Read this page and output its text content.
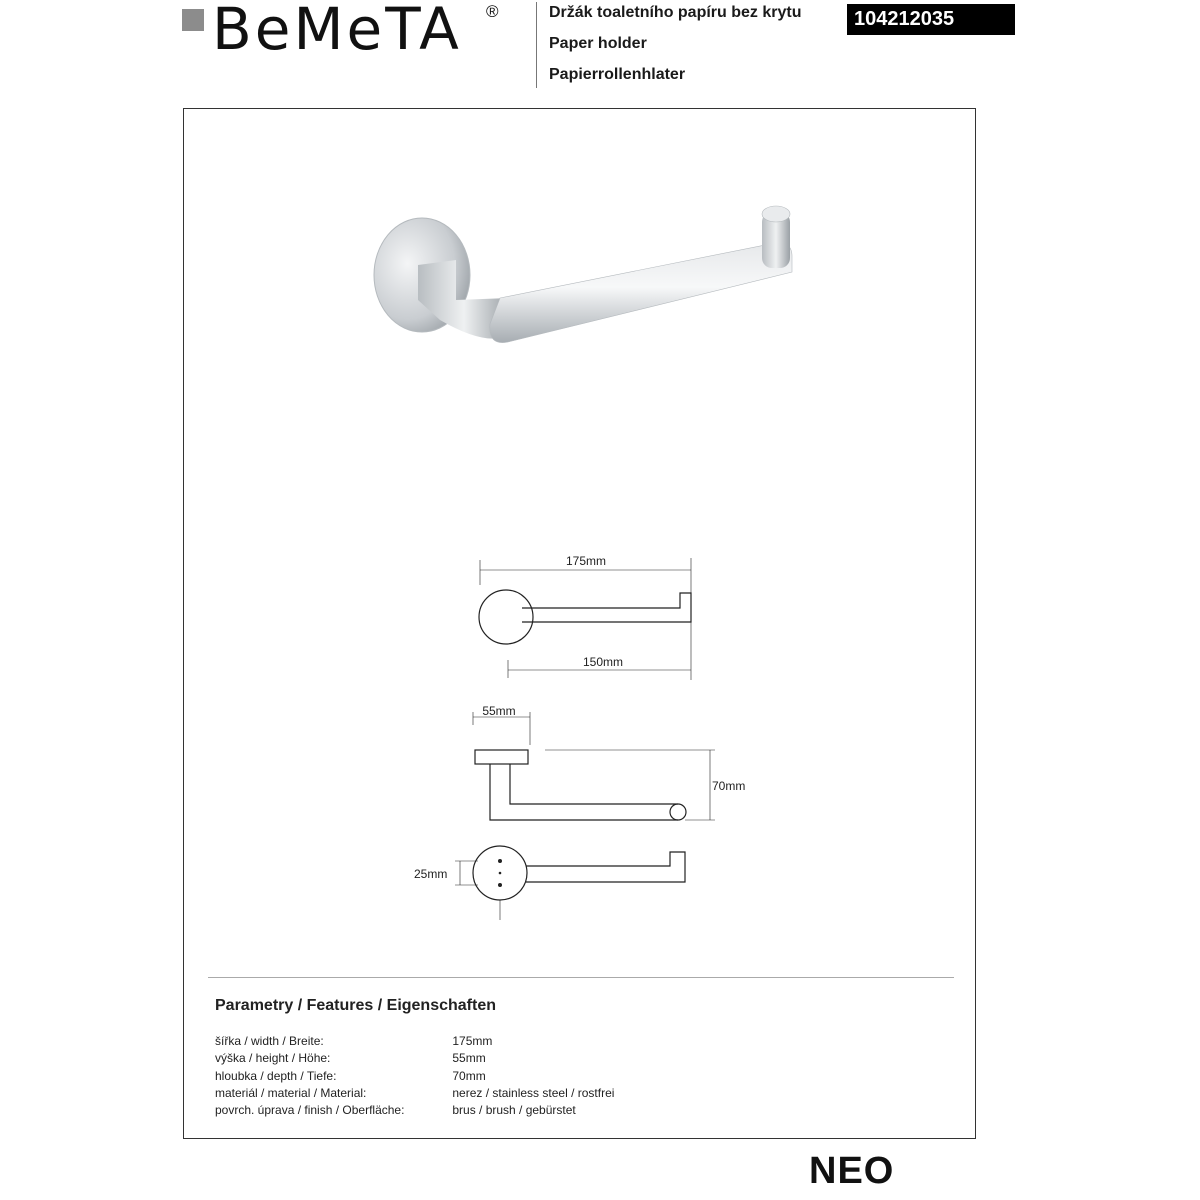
BeMeTA ®	Držák toaletního papíru bez krytu
Paper holder
Papierrollenhlater
104212035
175mm
150mm
55mm
70mm
25mm
Parametry / Features / Eigenschaften
šířka / width / Breite:	175mm
výška / height / Höhe:	55mm
hloubka / depth / Tiefe:	70mm
materiál / material / Material:	nerez / stainless steel / rostfrei
povrch. úprava / finish / Oberfläche:	brus / brush / gebürstet
NEO
